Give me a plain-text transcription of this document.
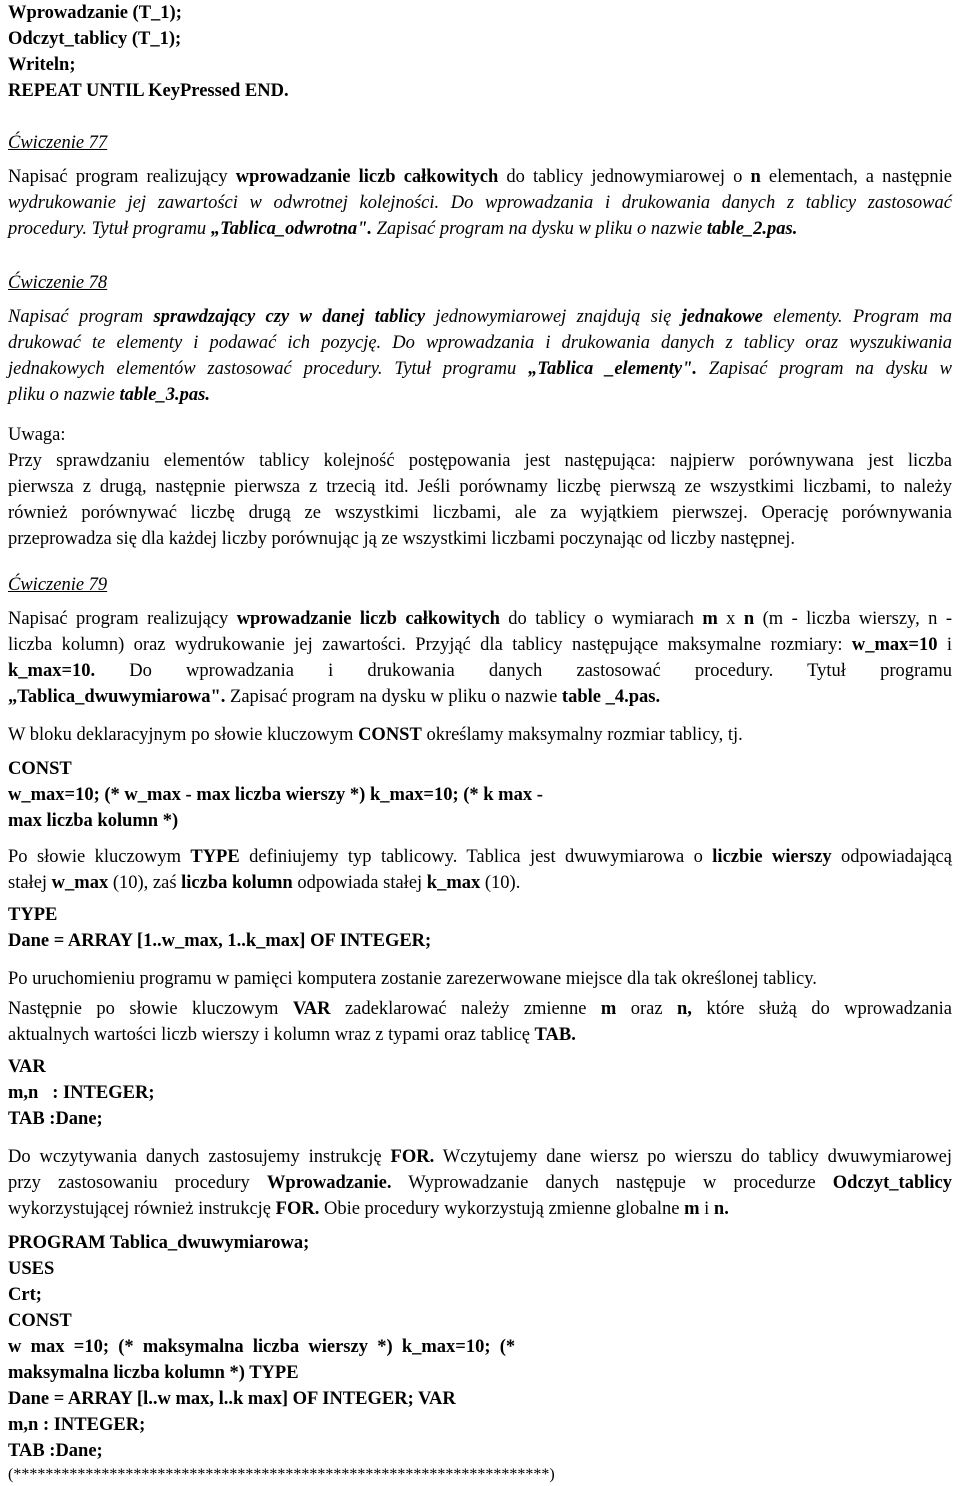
Wprowadzanie (T_1);
Odczyt_tablicy (T_1);
Writeln;
REPEAT UNTIL KeyPressed END.
Ćwiczenie 77
Napisać program realizujący wprowadzanie liczb całkowitych do tablicy jednowymiarowej o n elementach, a następnie
wydrukowanie jej zawartości w odwrotnej kolejności. Do wprowadzania i drukowania danych z tablicy zastosować
procedury. Tytuł programu „Tablica_odwrotna". Zapisać program na dysku w pliku o nazwie table_2.pas.
Ćwiczenie 78
Napisać program sprawdzający czy w danej tablicy jednowymiarowej znajdują się jednakowe elementy. Program ma
drukować te elementy i podawać ich pozycję. Do wprowadzania i drukowania danych z tablicy oraz wyszukiwania
jednakowych elementów zastosować procedury. Tytuł programu „Tablica _elementy". Zapisać program na dysku w
pliku o nazwie table_3.pas.
Uwaga:
Przy sprawdzaniu elementów tablicy kolejność postępowania jest następująca: najpierw porównywana jest liczba
pierwsza z drugą, następnie pierwsza z trzecią itd. Jeśli porównamy liczbę pierwszą ze wszystkimi liczbami, to należy
również porównywać liczbę drugą ze wszystkimi liczbami, ale za wyjątkiem pierwszej. Operację porównywania
przeprowadza się dla każdej liczby porównując ją ze wszystkimi liczbami poczynając od liczby następnej.
Ćwiczenie 79
Napisać program realizujący wprowadzanie liczb całkowitych do tablicy o wymiarach m x n (m - liczba wierszy, n -
liczba kolumn) oraz wydrukowanie jej zawartości. Przyjąć dla tablicy następujące maksymalne rozmiary: w_max=10 i
k_max=10. Do wprowadzania i drukowania danych zastosować procedury. Tytuł programu
„Tablica_dwuwymiarowa". Zapisać program na dysku w pliku o nazwie table _4.pas.
W bloku deklaracyjnym po słowie kluczowym CONST określamy maksymalny rozmiar tablicy, tj.
CONST
w_max=10; (* w_max - max liczba wierszy *) k_max=10; (* k max -
max liczba kolumn *)
Po słowie kluczowym TYPE definiujemy typ tablicowy. Tablica jest dwuwymiarowa o liczbie wierszy odpowiadającą
stałej w_max (10), zaś liczba kolumn odpowiada stałej k_max (10).
TYPE
Dane = ARRAY [1..w_max, 1..k_max] OF INTEGER;
Po uruchomieniu programu w pamięci komputera zostanie zarezerwowane miejsce dla tak określonej tablicy.
Następnie po słowie kluczowym VAR zadeklarować należy zmienne m oraz n, które służą do wprowadzania
aktualnych wartości liczb wierszy i kolumn wraz z typami oraz tablicę TAB.
VAR
m,n   : INTEGER;
TAB :Dane;
Do wczytywania danych zastosujemy instrukcję FOR. Wczytujemy dane wiersz po wierszu do tablicy dwuwymiarowej
przy zastosowaniu procedury Wprowadzanie. Wyprowadzanie danych następuje w procedurze Odczyt_tablicy
wykorzystującej również instrukcję FOR. Obie procedury wykorzystują zmienne globalne m i n.
PROGRAM Tablica_dwuwymiarowa;
USES
Crt;
CONST
w  max  =10;  (*  maksymalna  liczba  wierszy  *)  k_max=10;  (*
maksymalna liczba kolumn *) TYPE
Dane = ARRAY [l..w max, l..k max] OF INTEGER; VAR
m,n : INTEGER;
TAB :Dane;
(*******************************************************************)
